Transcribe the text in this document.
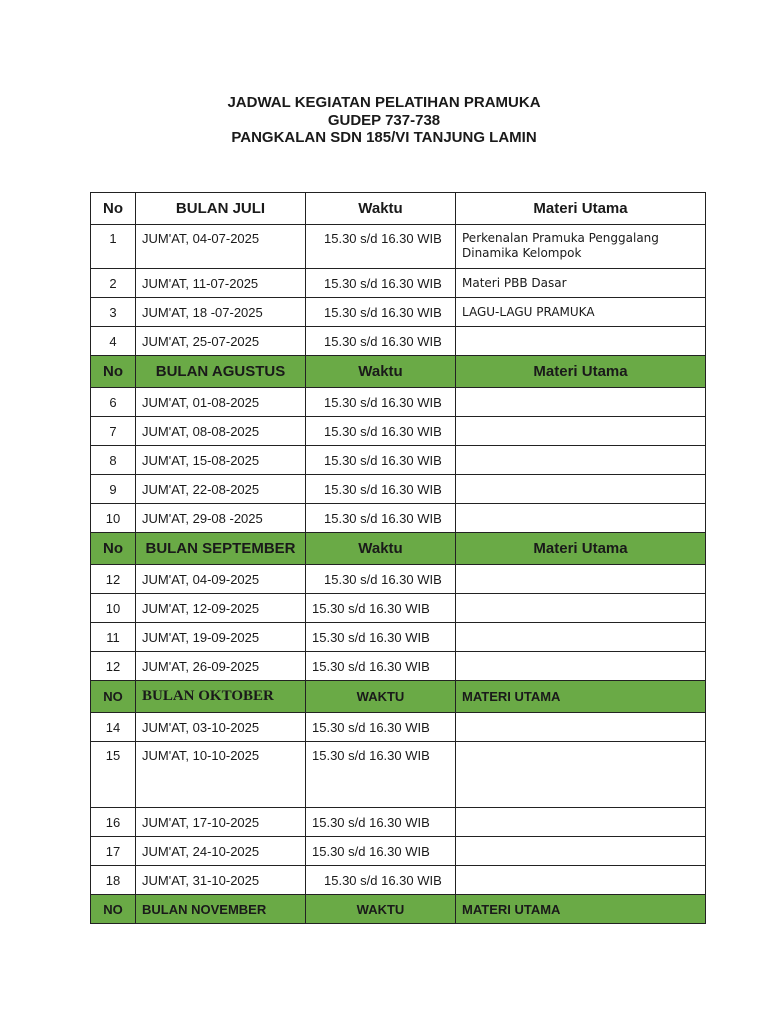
JADWAL KEGIATAN PELATIHAN PRAMUKA
GUDEP 737-738
PANGKALAN SDN 185/VI TANJUNG LAMIN
No	BULAN JULI	Waktu	Materi Utama
1	JUM'AT, 04-07-2025	15.30 s/d 16.30 WIB	Perkenalan Pramuka Penggalang
Dinamika Kelompok

2	JUM'AT, 11-07-2025	15.30 s/d 16.30 WIB	Materi PBB Dasar
3	JUM'AT, 18 -07-2025	15.30 s/d 16.30 WIB	LAGU-LAGU PRAMUKA
4	JUM'AT, 25-07-2025	15.30 s/d 16.30 WIB	
No	BULAN AGUSTUS	Waktu	Materi Utama
6	JUM'AT, 01-08-2025	15.30 s/d 16.30 WIB	
7	JUM'AT, 08-08-2025	15.30 s/d 16.30 WIB	
8	JUM'AT, 15-08-2025	15.30 s/d 16.30 WIB	
9	JUM'AT, 22-08-2025	15.30 s/d 16.30 WIB	
10	JUM'AT, 29-08 -2025	15.30 s/d 16.30 WIB	
No	BULAN SEPTEMBER	Waktu	Materi Utama
12	JUM'AT, 04-09-2025	15.30 s/d 16.30 WIB	
10	JUM'AT, 12-09-2025	15.30 s/d 16.30 WIB	
11	JUM'AT, 19-09-2025	15.30 s/d 16.30 WIB	
12	JUM'AT, 26-09-2025	15.30 s/d 16.30 WIB	
NO	BULAN OKTOBER	WAKTU	MATERI UTAMA
14	JUM'AT, 03-10-2025	15.30 s/d 16.30 WIB	
15	JUM'AT, 10-10-2025	15.30 s/d 16.30 WIB	
16	JUM'AT, 17-10-2025	15.30 s/d 16.30 WIB	
17	JUM'AT, 24-10-2025	15.30 s/d 16.30 WIB	
18	JUM'AT, 31-10-2025	15.30 s/d 16.30 WIB	
NO	BULAN NOVEMBER	WAKTU	MATERI UTAMA
